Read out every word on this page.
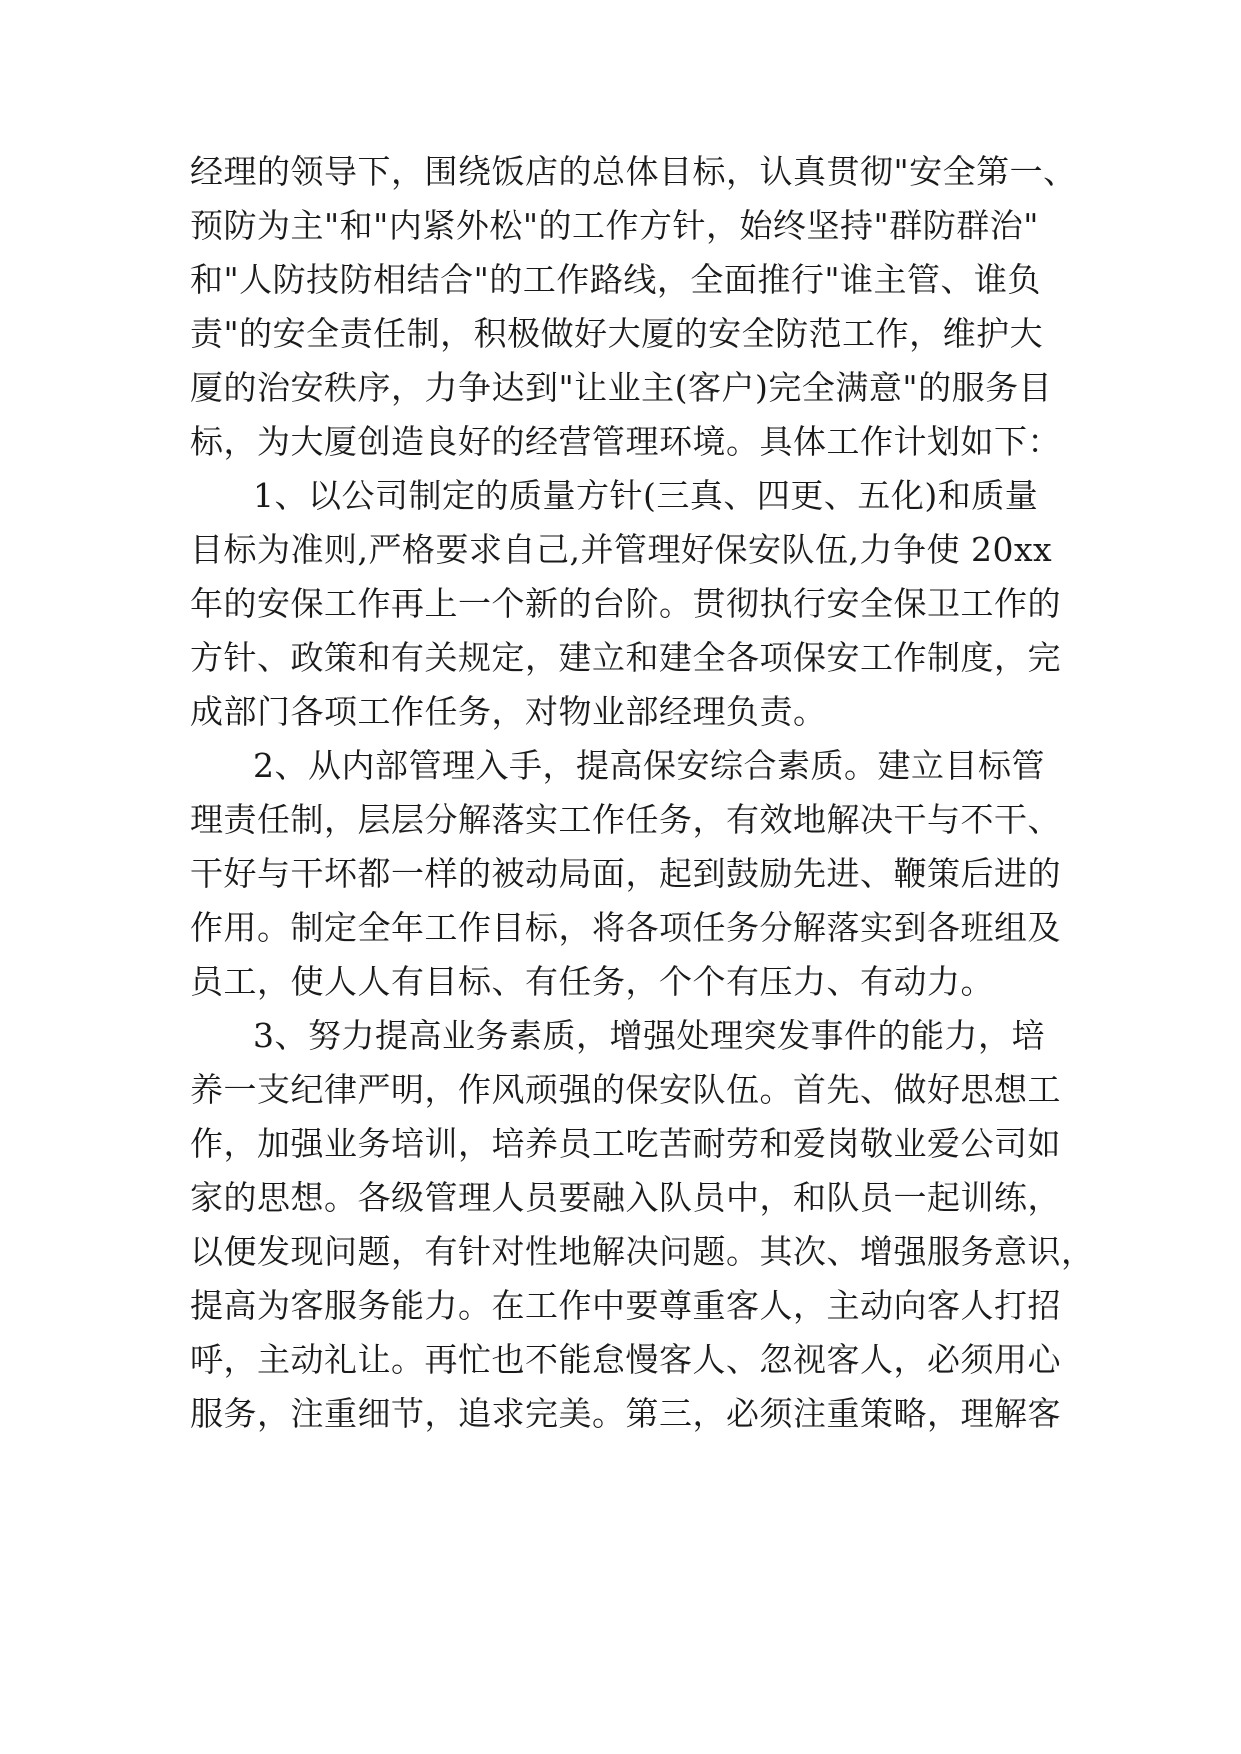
经理的领导下，围绕饭店的总体目标，认真贯彻"安全第一、
预防为主"和"内紧外松"的工作方针，始终坚持"群防群治"
和"人防技防相结合"的工作路线，全面推行"谁主管、谁负
责"的安全责任制，积极做好大厦的安全防范工作，维护大
厦的治安秩序，力争达到"让业主(客户)完全满意"的服务目
标，为大厦创造良好的经营管理环境。具体工作计划如下：
1、以公司制定的质量方针(三真、四更、五化)和质量
目标为准则,严格要求自己,并管理好保安队伍,力争使 20xx
年的安保工作再上一个新的台阶。贯彻执行安全保卫工作的
方针、政策和有关规定，建立和建全各项保安工作制度，完
成部门各项工作任务，对物业部经理负责。
2、从内部管理入手，提高保安综合素质。建立目标管
理责任制，层层分解落实工作任务，有效地解决干与不干、
干好与干坏都一样的被动局面，起到鼓励先进、鞭策后进的
作用。制定全年工作目标，将各项任务分解落实到各班组及
员工，使人人有目标、有任务，个个有压力、有动力。
3、努力提高业务素质，增强处理突发事件的能力，培
养一支纪律严明，作风顽强的保安队伍。首先、做好思想工
作，加强业务培训，培养员工吃苦耐劳和爱岗敬业爱公司如
家的思想。各级管理人员要融入队员中，和队员一起训练，
以便发现问题，有针对性地解决问题。其次、增强服务意识，
提高为客服务能力。在工作中要尊重客人，主动向客人打招
呼，主动礼让。再忙也不能怠慢客人、忽视客人，必须用心
服务，注重细节，追求完美。第三，必须注重策略，理解客
